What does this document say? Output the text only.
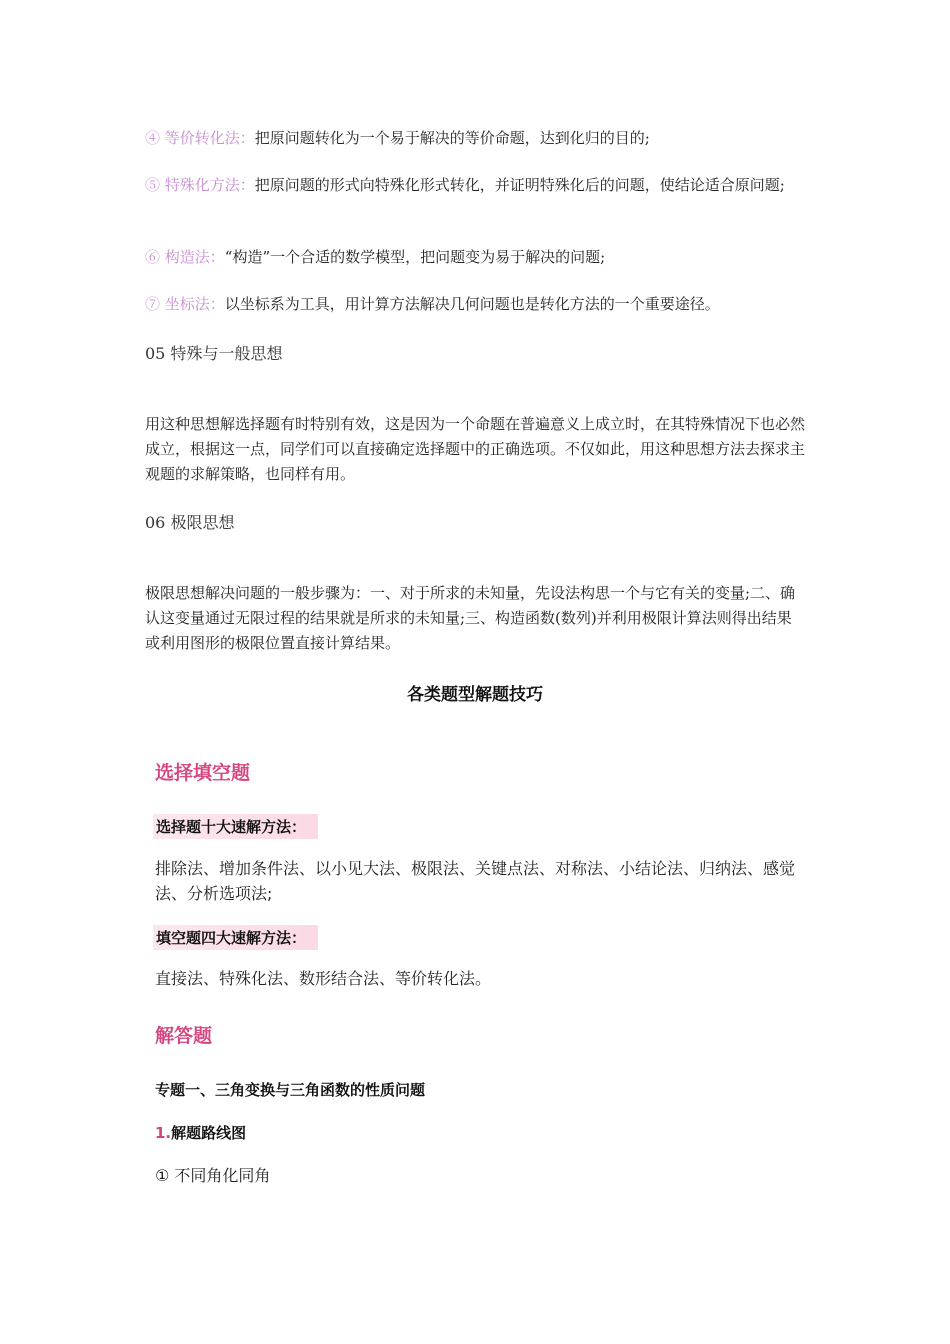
④ 等价转化法：把原问题转化为一个易于解决的等价命题，达到化归的目的;
⑤ 特殊化方法：把原问题的形式向特殊化形式转化，并证明特殊化后的问题，使结论适合原问题;
⑥ 构造法：“构造”一个合适的数学模型，把问题变为易于解决的问题;
⑦ 坐标法：以坐标系为工具，用计算方法解决几何问题也是转化方法的一个重要途径。
05 特殊与一般思想
用这种思想解选择题有时特别有效，这是因为一个命题在普遍意义上成立时，在其特殊情况下也必然成立，根据这一点，同学们可以直接确定选择题中的正确选项。不仅如此，用这种思想方法去探求主观题的求解策略，也同样有用。
06 极限思想
极限思想解决问题的一般步骤为：一、对于所求的未知量，先设法构思一个与它有关的变量;二、确认这变量通过无限过程的结果就是所求的未知量;三、构造函数(数列)并利用极限计算法则得出结果或利用图形的极限位置直接计算结果。
各类题型解题技巧
选择填空题
选择题十大速解方法：
排除法、增加条件法、以小见大法、极限法、关键点法、对称法、小结论法、归纳法、感觉法、分析选项法;
填空题四大速解方法：
直接法、特殊化法、数形结合法、等价转化法。
解答题
专题一、三角变换与三角函数的性质问题
1.解题路线图
① 不同角化同角
